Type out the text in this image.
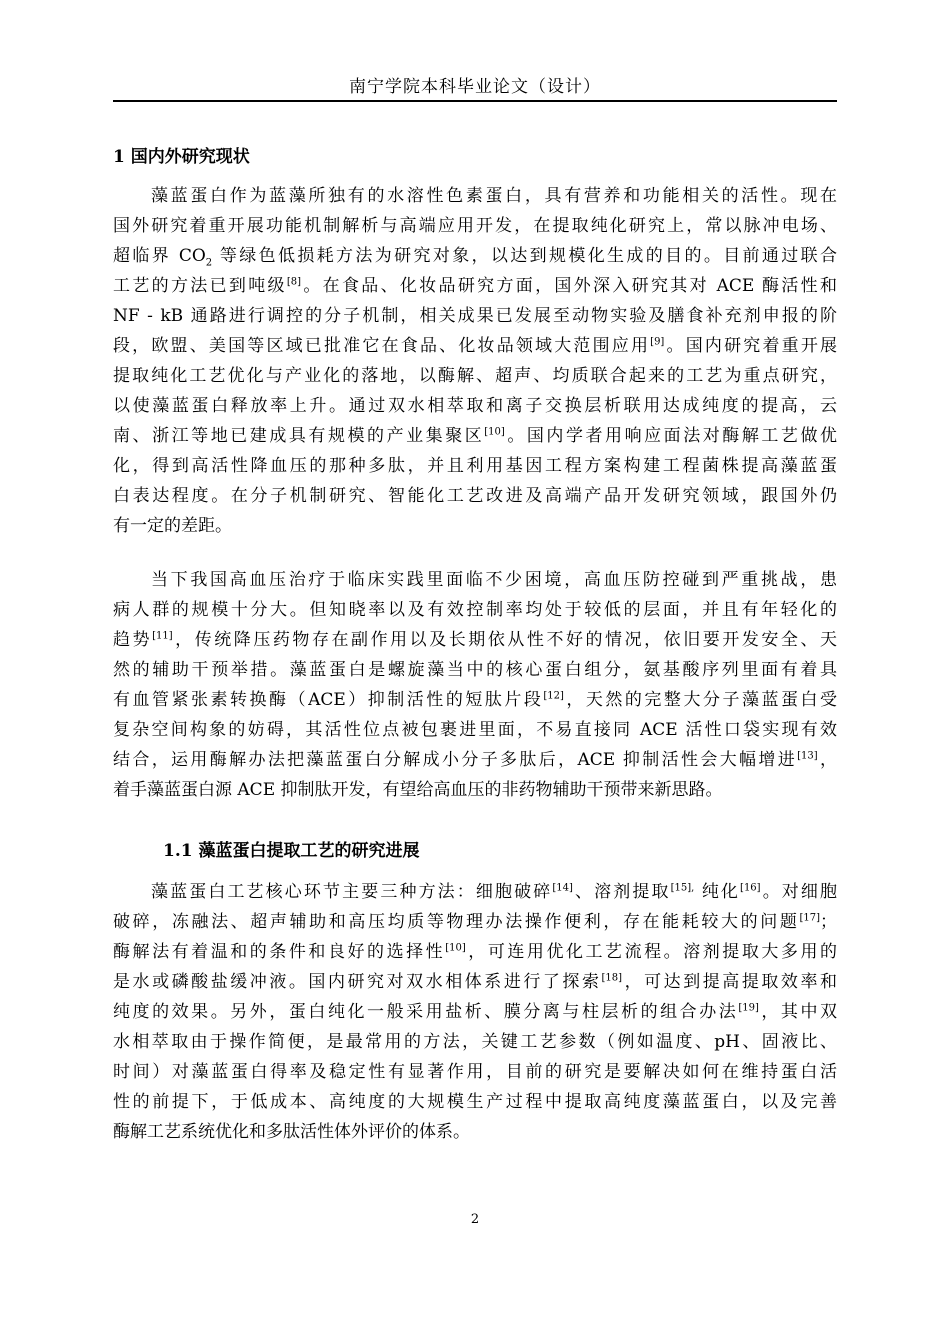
南宁学院本科毕业论文（设计）
1 国内外研究现状
藻蓝蛋白作为蓝藻所独有的水溶性色素蛋白，具有营养和功能相关的活性。现在
国外研究着重开展功能机制解析与高端应用开发，在提取纯化研究上，常以脉冲电场、
超临界 $CO_2$ 等绿色低损耗方法为研究对象，以达到规模化生成的目的。目前通过联合
工艺的方法已到吨级[8]。在食品、化妆品研究方面，国外深入研究其对 ACE 酶活性和
NF - kB 通路进行调控的分子机制，相关成果已发展至动物实验及膳食补充剂申报的阶
段，欧盟、美国等区域已批准它在食品、化妆品领域大范围应用[9]。国内研究着重开展
提取纯化工艺优化与产业化的落地，以酶解、超声、均质联合起来的工艺为重点研究，
以使藻蓝蛋白释放率上升。通过双水相萃取和离子交换层析联用达成纯度的提高，云
南、浙江等地已建成具有规模的产业集聚区[10]。国内学者用响应面法对酶解工艺做优
化，得到高活性降血压的那种多肽，并且利用基因工程方案构建工程菌株提高藻蓝蛋
白表达程度。在分子机制研究、智能化工艺改进及高端产品开发研究领域，跟国外仍
有一定的差距。
当下我国高血压治疗于临床实践里面临不少困境，高血压防控碰到严重挑战，患
病人群的规模十分大。但知晓率以及有效控制率均处于较低的层面，并且有年轻化的
趋势[11]，传统降压药物存在副作用以及长期依从性不好的情况，依旧要开发安全、天
然的辅助干预举措。藻蓝蛋白是螺旋藻当中的核心蛋白组分，氨基酸序列里面有着具
有血管紧张素转换酶（ACE）抑制活性的短肽片段[12]，天然的完整大分子藻蓝蛋白受
复杂空间构象的妨碍，其活性位点被包裹进里面，不易直接同 ACE 活性口袋实现有效
结合，运用酶解办法把藻蓝蛋白分解成小分子多肽后，ACE 抑制活性会大幅增进[13]，
着手藻蓝蛋白源 ACE 抑制肽开发，有望给高血压的非药物辅助干预带来新思路。
1.1 藻蓝蛋白提取工艺的研究进展
藻蓝蛋白工艺核心环节主要三种方法：细胞破碎[14]、溶剂提取$^{[15],}$ 纯化[16]。对细胞
破碎，冻融法、超声辅助和高压均质等物理办法操作便利，存在能耗较大的问题[17]；
酶解法有着温和的条件和良好的选择性[10]，可连用优化工艺流程。溶剂提取大多用的
是水或磷酸盐缓冲液。国内研究对双水相体系进行了探索[18]，可达到提高提取效率和
纯度的效果。另外，蛋白纯化一般采用盐析、膜分离与柱层析的组合办法[19]，其中双
水相萃取由于操作简便，是最常用的方法，关键工艺参数（例如温度、pH、固液比、
时间）对藻蓝蛋白得率及稳定性有显著作用，目前的研究是要解决如何在维持蛋白活
性的前提下，于低成本、高纯度的大规模生产过程中提取高纯度藻蓝蛋白，以及完善
酶解工艺系统优化和多肽活性体外评价的体系。
2
